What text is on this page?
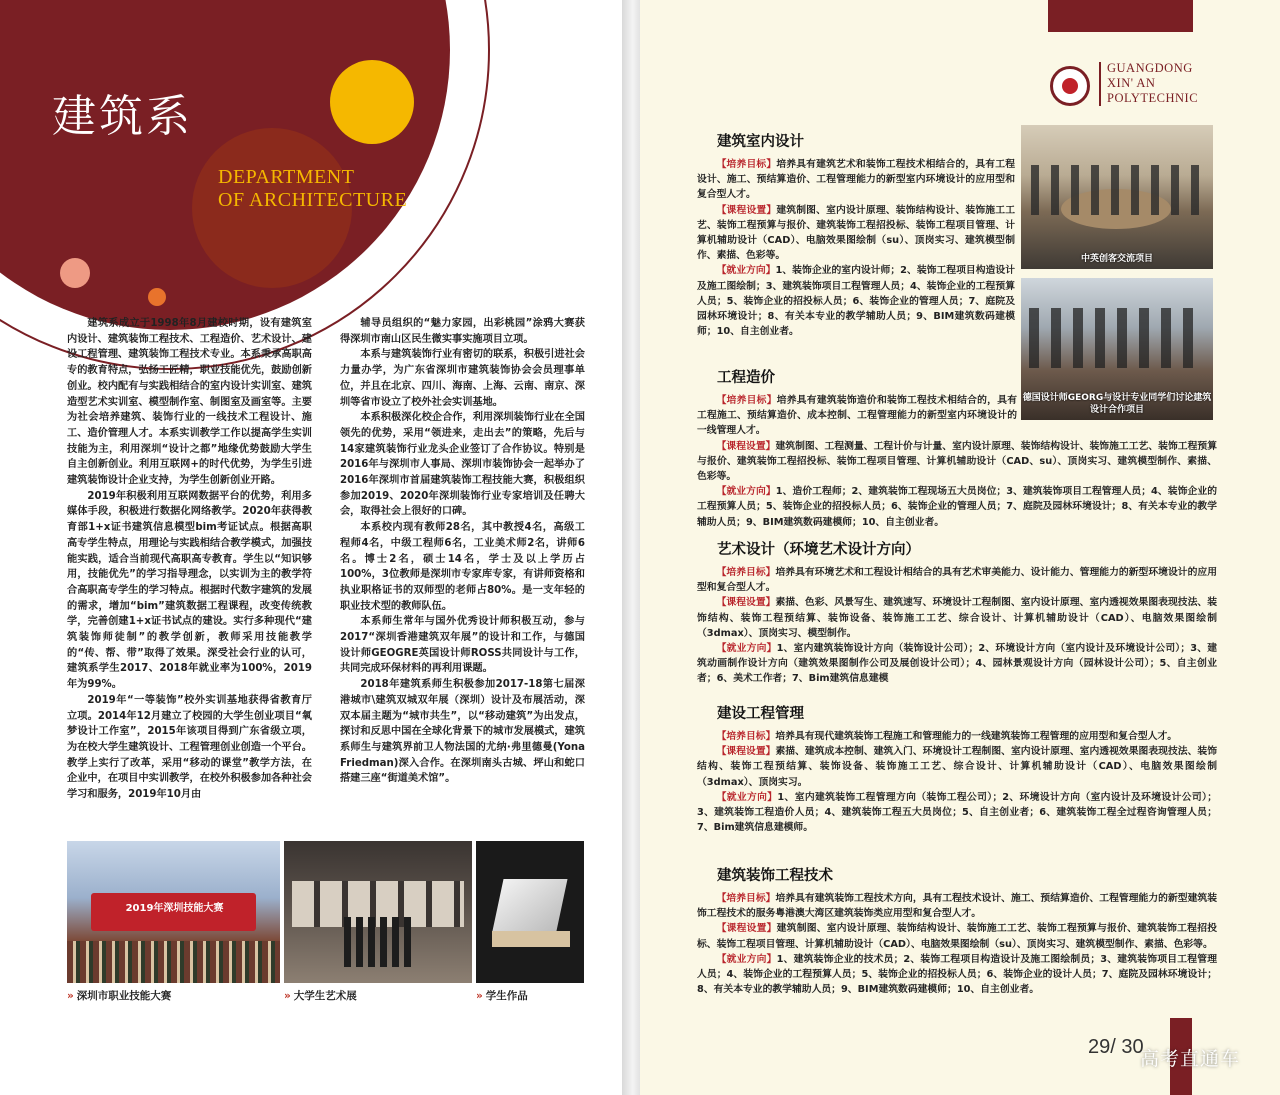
建筑系
DEPARTMENT
OF ARCHITECTURE

建筑系成立于1998年8月建校时期，设有建筑室内设计、建筑装饰工程技术、工程造价、艺术设计、建设工程管理、建筑装饰工程技术专业。本系秉承高职高专的教育特点，弘扬工匠精，职业技能优先，鼓励创新创业。校内配有与实践相结合的室内设计实训室、建筑造型艺术实训室、模型制作室、制图室及画室等。主要为社会培养建筑、装饰行业的一线技术工程设计、施工、造价管理人才。本系实训教学工作以提高学生实训技能为主，利用深圳“设计之都”地缘优势鼓励大学生自主创新创业。利用互联网+的时代优势，为学生引进建筑装饰设计企业支持，为学生创新创业开路。

2019年积极利用互联网数据平台的优势，利用多媒体手段，积极进行数据化网络教学。2020年获得教育部1+x证书建筑信息模型bim考证试点。根据高职高专学生特点，用理论与实践相结合教学模式，加强技能实践，适合当前现代高职高专教育。学生以“知识够用，技能优先”的学习指导理念，以实训为主的教学符合高职高专学生的学习特点。根据时代数字建筑的发展的需求，增加“bim”建筑数据工程课程，改变传统教学，完善创建1+x证书试点的建设。实行多种现代“建筑装饰师徒制”的教学创新，教师采用技能教学的“传、帮、带”取得了效果。深受社会行业的认可，建筑系学生2017、2018年就业率为100%，2019年为99%。

2019年“一等装饰”校外实训基地获得省教育厅立项。2014年12月建立了校园的大学生创业项目“氧梦设计工作室”，2015年该项目得到广东省级立项，为在校大学生建筑设计、工程管理创业创造一个平台。教学上实行了改革，采用“移动的课堂”教学方法，在企业中，在项目中实训教学，在校外积极参加各种社会学习和服务，2019年10月由

辅导员组织的“魅力家园，出彩桃园”涂鸦大赛获得深圳市南山区民生微实事实施项目立项。

本系与建筑装饰行业有密切的联系，积极引进社会力量办学，为广东省深圳市建筑装饰协会会员理事单位，并且在北京、四川、海南、上海、云南、南京、深圳等省市设立了校外社会实训基地。

本系积极深化校企合作，利用深圳装饰行业在全国领先的优势，采用“领进来，走出去”的策略，先后与14家建筑装饰行业龙头企业签订了合作协议。特别是2016年与深圳市人事局、深圳市装饰协会一起举办了2016年深圳市首届建筑装饰工程技能大赛，积极组织参加2019、2020年深圳装饰行业专家培训及任聘大会，取得社会上很好的口碑。

本系校内现有教师28名，其中教授4名，高级工程师4名，中级工程师6名，工业美术师2名，讲师6名。博士2名，硕士14名，学士及以上学历占100%，3位教师是深圳市专家库专家，有讲师资格和执业职格证书的双师型的老师占80%。是一支年轻的职业技术型的教师队伍。

本系师生常年与国外优秀设计师积极互动，参与2017“深圳香港建筑双年展”的设计和工作，与德国设计师GEOGRE英国设计师ROSS共同设计与工作，共同完成环保材料的再利用课题。

2018年建筑系师生积极参加2017-18第七届深港城市\建筑双城双年展（深圳）设计及布展活动，深双本届主题为“城市共生”，以“移动建筑”为出发点，探讨和反思中国在全球化背景下的城市发展模式，建筑系师生与建筑界前卫人物法国的尤纳·弗里德曼(Yona Friedman)深入合作。在深圳南头古城、坪山和蛇口搭建三座“街道美术馆”。

2019年深圳技能大赛
» 深圳市职业技能大赛	» 大学生艺术展	» 学生作品
GUANGDONG
XIN' AN
POLYTECHNIC
建筑室内设计

【培养目标】培养具有建筑艺术和装饰工程技术相结合的，具有工程设计、施工、预结算造价、工程管理能力的新型室内环境设计的应用型和复合型人才。

【课程设置】建筑制图、室内设计原理、装饰结构设计、装饰施工工艺、装饰工程预算与报价、建筑装饰工程招投标、装饰工程项目管理、计算机辅助设计（CAD）、电脑效果图绘制（su）、顶岗实习、建筑模型制作、素描、色彩等。

【就业方向】1、装饰企业的室内设计师；2、装饰工程项目构造设计及施工图绘制；3、建筑装饰项目工程管理人员；4、装饰企业的工程预算人员；5、装饰企业的招投标人员；6、装饰企业的管理人员；7、庭院及园林环境设计；8、有关本专业的教学辅助人员；9、BIM建筑数码建模师；10、自主创业者。

工程造价

【培养目标】培养具有建筑装饰造价和装饰工程技术相结合的，具有工程施工、预结算造价、成本控制、工程管理能力的新型室内环境设计的一线管理人才。

【课程设置】建筑制图、工程测量、工程计价与计量、室内设计原理、装饰结构设计、装饰施工工艺、装饰工程预算与报价、建筑装饰工程招投标、装饰工程项目管理、计算机辅助设计（CAD、su）、顶岗实习、建筑模型制作、素描、色彩等。

【就业方向】1、造价工程师；2、建筑装饰工程现场五大员岗位；3、建筑装饰项目工程管理人员；4、装饰企业的工程预算人员；5、装饰企业的招投标人员；6、装饰企业的管理人员；7、庭院及园林环境设计；8、有关本专业的教学辅助人员；9、BIM建筑数码建模师；10、自主创业者。

艺术设计（环境艺术设计方向）

【培养目标】培养具有环境艺术和工程设计相结合的具有艺术审美能力、设计能力、管理能力的新型环境设计的应用型和复合型人才。

【课程设置】素描、色彩、风景写生、建筑速写、环境设计工程制图、室内设计原理、室内透视效果图表现技法、装饰结构、装饰工程预结算、装饰设备、装饰施工工艺、综合设计、计算机辅助设计（CAD）、电脑效果图绘制（3dmax）、顶岗实习、模型制作。

【就业方向】1、室内建筑装饰设计方向（装饰设计公司）；2、环境设计方向（室内设计及环境设计公司）；3、建筑动画制作设计方向（建筑效果图制作公司及展创设计公司）；4、园林景观设计方向（园林设计公司）；5、自主创业者；6、美术工作者；7、Bim建筑信息建模

建设工程管理

【培养目标】培养具有现代建筑装饰工程施工和管理能力的一线建筑装饰工程管理的应用型和复合型人才。

【课程设置】素描、建筑成本控制、建筑入门、环境设计工程制图、室内设计原理、室内透视效果图表现技法、装饰结构、装饰工程预结算、装饰设备、装饰施工工艺、综合设计、计算机辅助设计（CAD）、电脑效果图绘制（3dmax）、顶岗实习。

【就业方向】1、室内建筑装饰工程管理方向（装饰工程公司）；2、环境设计方向（室内设计及环境设计公司）；3、建筑装饰工程造价人员；4、建筑装饰工程五大员岗位；5、自主创业者；6、建筑装饰工程全过程咨询管理人员；7、Bim建筑信息建模师。

建筑装饰工程技术

【培养目标】培养具有建筑装饰工程技术方向，具有工程技术设计、施工、预结算造价、工程管理能力的新型建筑装饰工程技术的服务粤港澳大湾区建筑装饰类应用型和复合型人才。

【课程设置】建筑制图、室内设计原理、装饰结构设计、装饰施工工艺、装饰工程预算与报价、建筑装饰工程招投标、装饰工程项目管理、计算机辅助设计（CAD）、电脑效果图绘制（su）、顶岗实习、建筑模型制作、素描、色彩等。

【就业方向】1、建筑装饰企业的技术员；2、装饰工程项目构造设计及施工图绘制员；3、建筑装饰项目工程管理人员；4、装饰企业的工程预算人员；5、装饰企业的招投标人员；6、装饰企业的设计人员；7、庭院及园林环境设计；8、有关本专业的教学辅助人员；9、BIM建筑数码建模师；10、自主创业者。

中英创客交流项目
德国设计师GEORG与设计专业同学们讨论建筑设计合作项目
29/ 30
高考直通车
